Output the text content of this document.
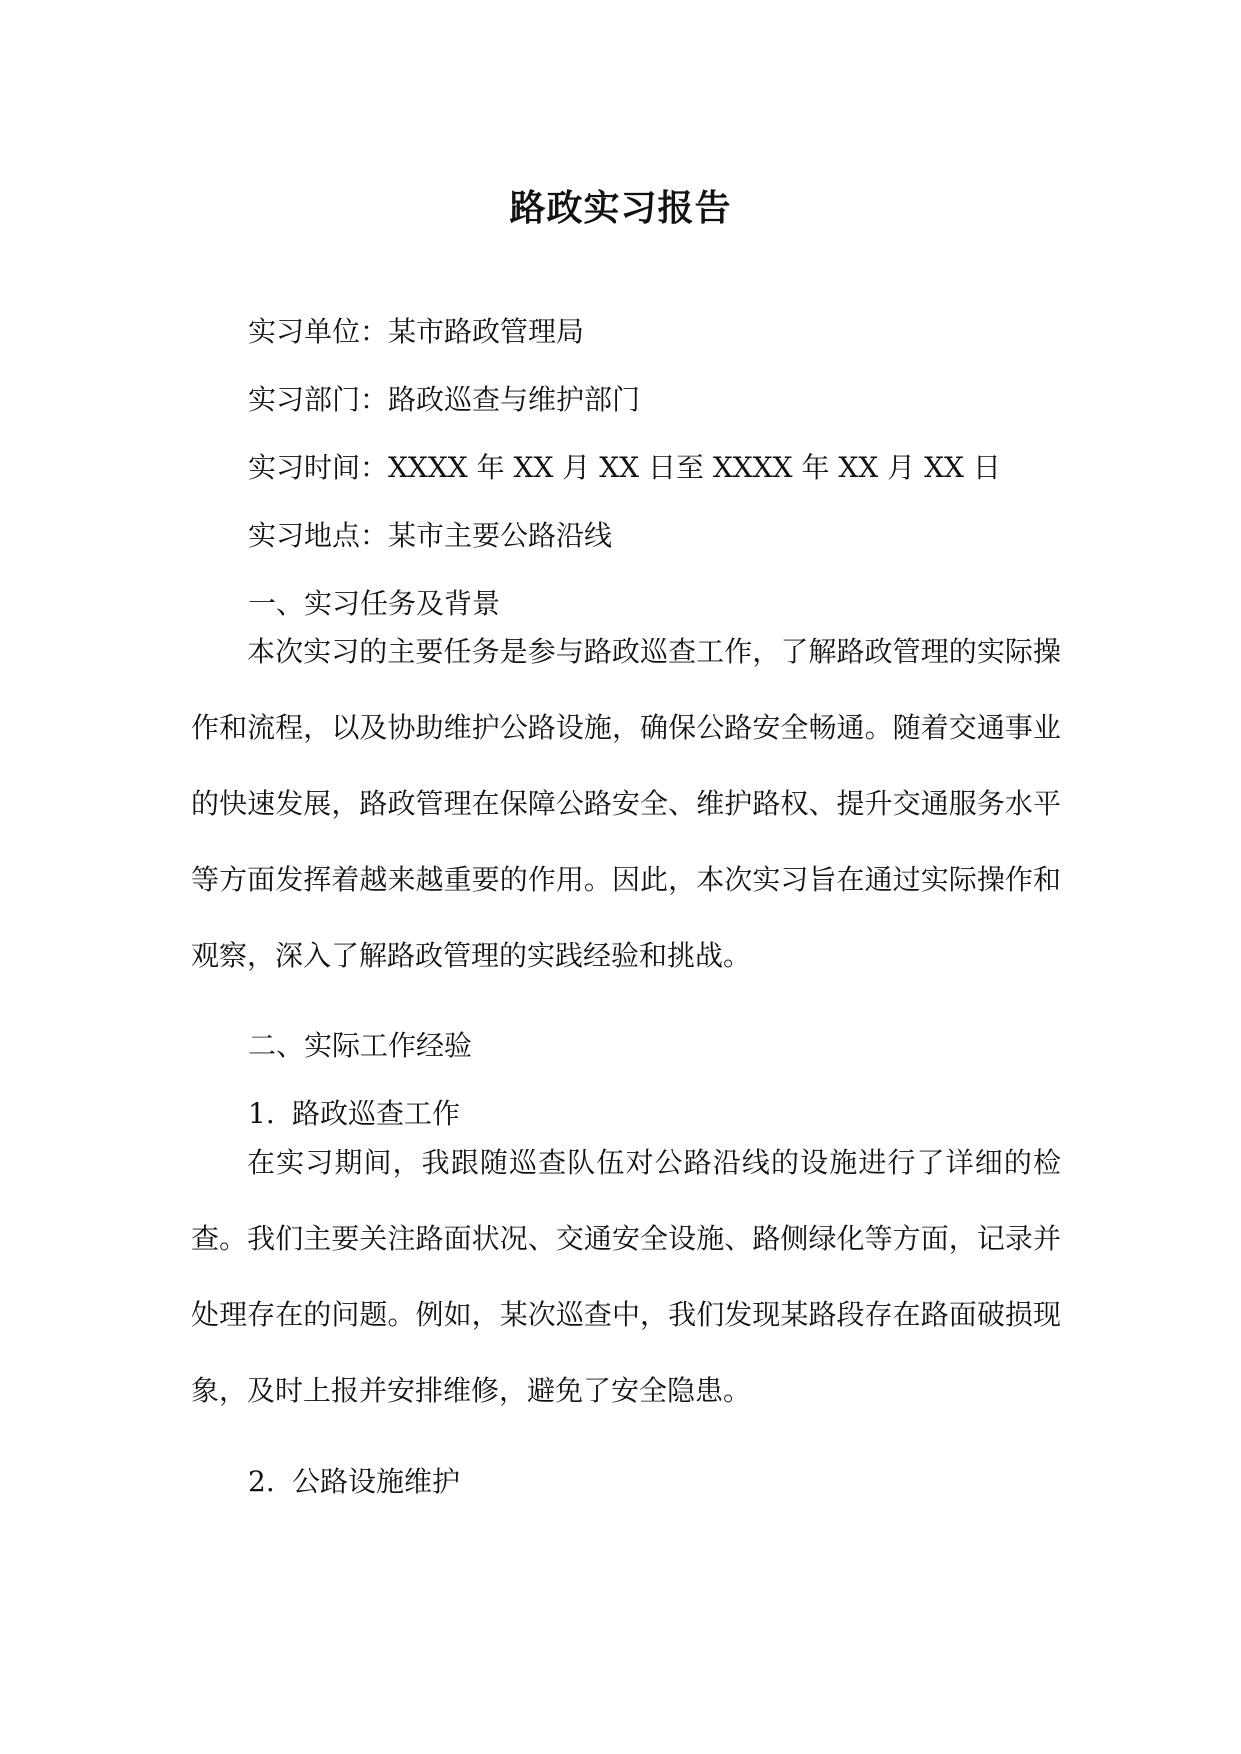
路政实习报告
实习单位：某市路政管理局
实习部门：路政巡查与维护部门
实习时间：XXXX 年 XX 月 XX 日至 XXXX 年 XX 月 XX 日
实习地点：某市主要公路沿线
一、实习任务及背景

本次实习的主要任务是参与路政巡查工作，了解路政管理的实际操作和流程，以及协助维护公路设施，确保公路安全畅通。随着交通事业的快速发展，路政管理在保障公路安全、维护路权、提升交通服务水平等方面发挥着越来越重要的作用。因此，本次实习旨在通过实际操作和观察，深入了解路政管理的实践经验和挑战。

二、实际工作经验
1. 路政巡查工作

在实习期间，我跟随巡查队伍对公路沿线的设施进行了详细的检查。我们主要关注路面状况、交通安全设施、路侧绿化等方面，记录并处理存在的问题。例如，某次巡查中，我们发现某路段存在路面破损现象，及时上报并安排维修，避免了安全隐患。

2. 公路设施维护
